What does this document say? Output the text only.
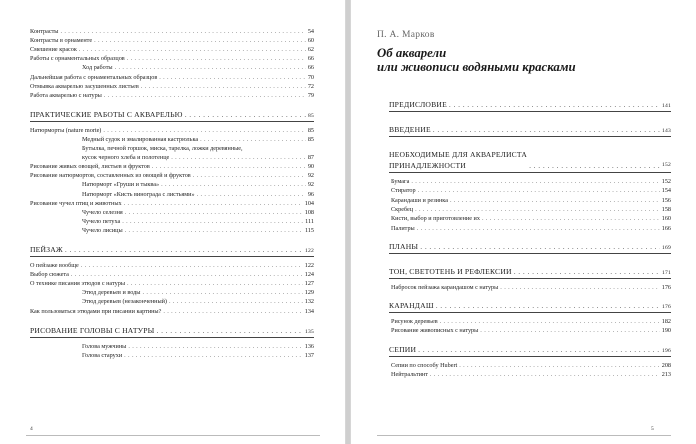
Контрасты . . .	54
Контрасты в орнаменте . . .	60
Смешение красок . . .	62
Работы с орнаментальных образцов . . .	66
Ход работы . . .	66
Дальнейшая работа с орнаментальных образцов . . .	70
Отмывка акварелью засушенных листьев . . .	72
Работа акварелью с натуры . . .	79
ПРАКТИЧЕСКИЕ РАБОТЫ С АКВАРЕЛЬЮ . . .	85
Натюрморты (nature morte) . . .	85
Медный судок и эмалированная кастрюлька . . .	85
Бутылка, печной горшок, миска, тарелка, ложки деревянные,
кусок черного хлеба и полотенце . . .	87
Рисование живых овощей, листьев и фруктов . . .	90
Рисование натюрмортов, составленных из овощей и фруктов . . .	92
Натюрморт «Груши и тыква» . . .	92
Натюрморт «Кисть винограда с листьями» . . .	96
Рисование чучел птиц и животных . . .	104
Чучело селезня . . .	108
Чучело петуха . . .	111
Чучело лисицы . . .	115
ПЕЙЗАЖ . . .	122
О пейзаже вообще . . .	122
Выбор сюжета . . .	124
О технике писания этюдов с натуры . . .	127
Этюд деревьев и воды . . .	129
Этюд деревьев (незаконченный) . . .	132
Как пользоваться этюдами при писании картины? . . .	134
РИСОВАНИЕ ГОЛОВЫ С НАТУРЫ . . .	135
Голова мужчины . . .	136
Голова старухи . . .	137
4
П. А. Марков
Об акварели
или живописи водяными красками
ПРЕДИСЛОВИЕ . . .	141
ВВЕДЕНИЕ . . .	143
НЕОБХОДИМЫЕ ДЛЯ АКВАРЕЛИСТА
ПРИНАДЛЕЖНОСТИ . . .	152
Бумага . . .	152
Стиратор . . .	154
Карандаши и резинка . . .	156
Скребец . . .	158
Кисти, выбор и приготовление их . . .	160
Палитры . . .	166
ПЛАНЫ . . .	169
ТОН, СВЕТОТЕНЬ И РЕФЛЕКСИИ . . .	171
Набросок пейзажа карандашом с натуры . . .	176
КАРАНДАШ . . .	176
Рисунок деревьев . . .	182
Рисование живописных с натуры . . .	190
СЕПИИ . . .	196
Сепии по способу Hubert . . .	208
Нейтральтинт . . .	213
5
